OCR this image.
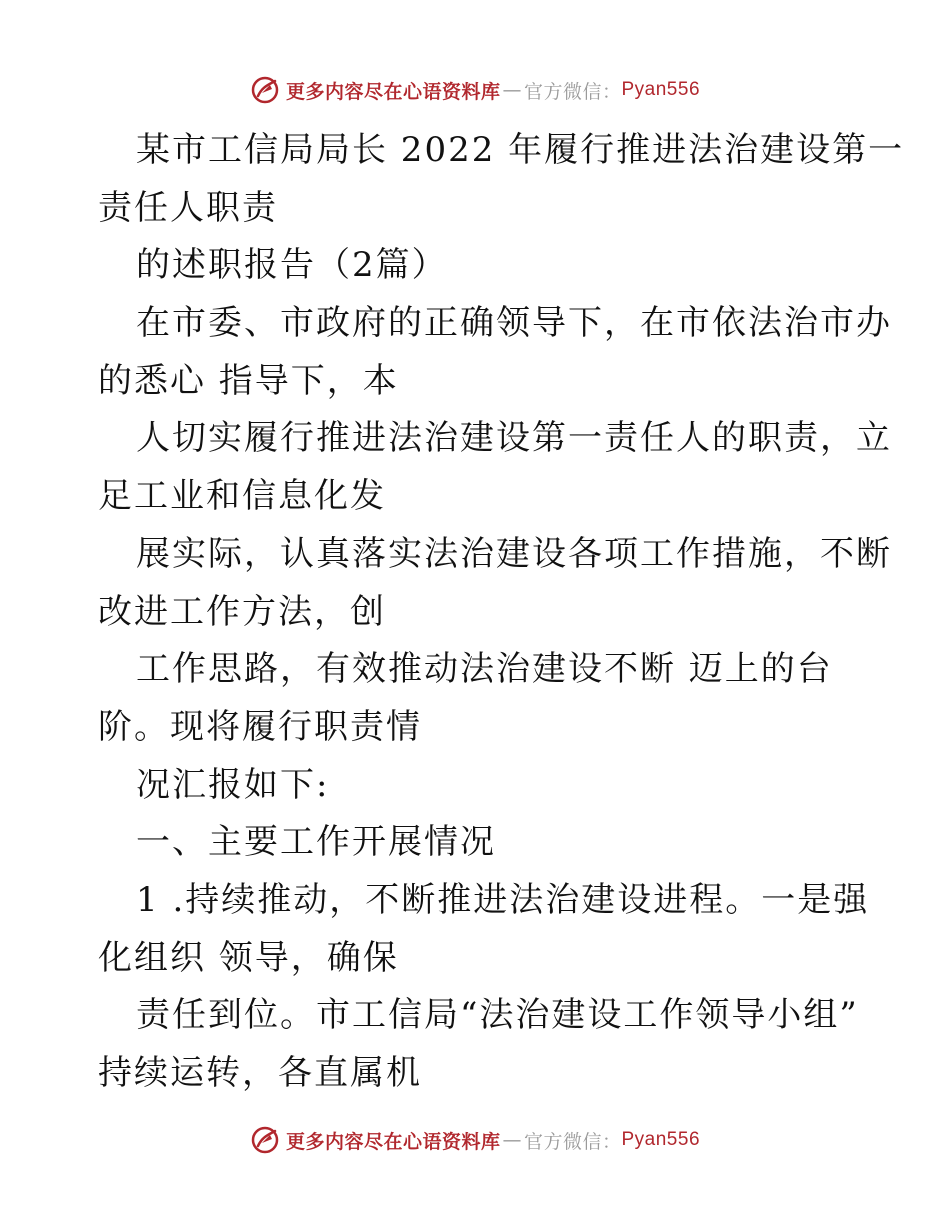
更多内容尽在心语资料库 — 官方微信： Pyan556
某市工信局局长 2022 年履行推进法治建设第一
责任人职责
的述职报告（2篇）
在市委、市政府的正确领导下，在市依法治市办
的悉心 指导下，本
人切实履行推进法治建设第一责任人的职责，立
足工业和信息化发
展实际，认真落实法治建设各项工作措施，不断
改进工作方法，创
工作思路，有效推动法治建设不断 迈上的台
阶。现将履行职责情
况汇报如下:
一、主要工作开展情况
1 .持续推动，不断推进法治建设进程。一是强
化组织 领导，确保
责任到位。市工信局“法治建设工作领导小组”
持续运转，各直属机
更多内容尽在心语资料库 — 官方微信： Pyan556
